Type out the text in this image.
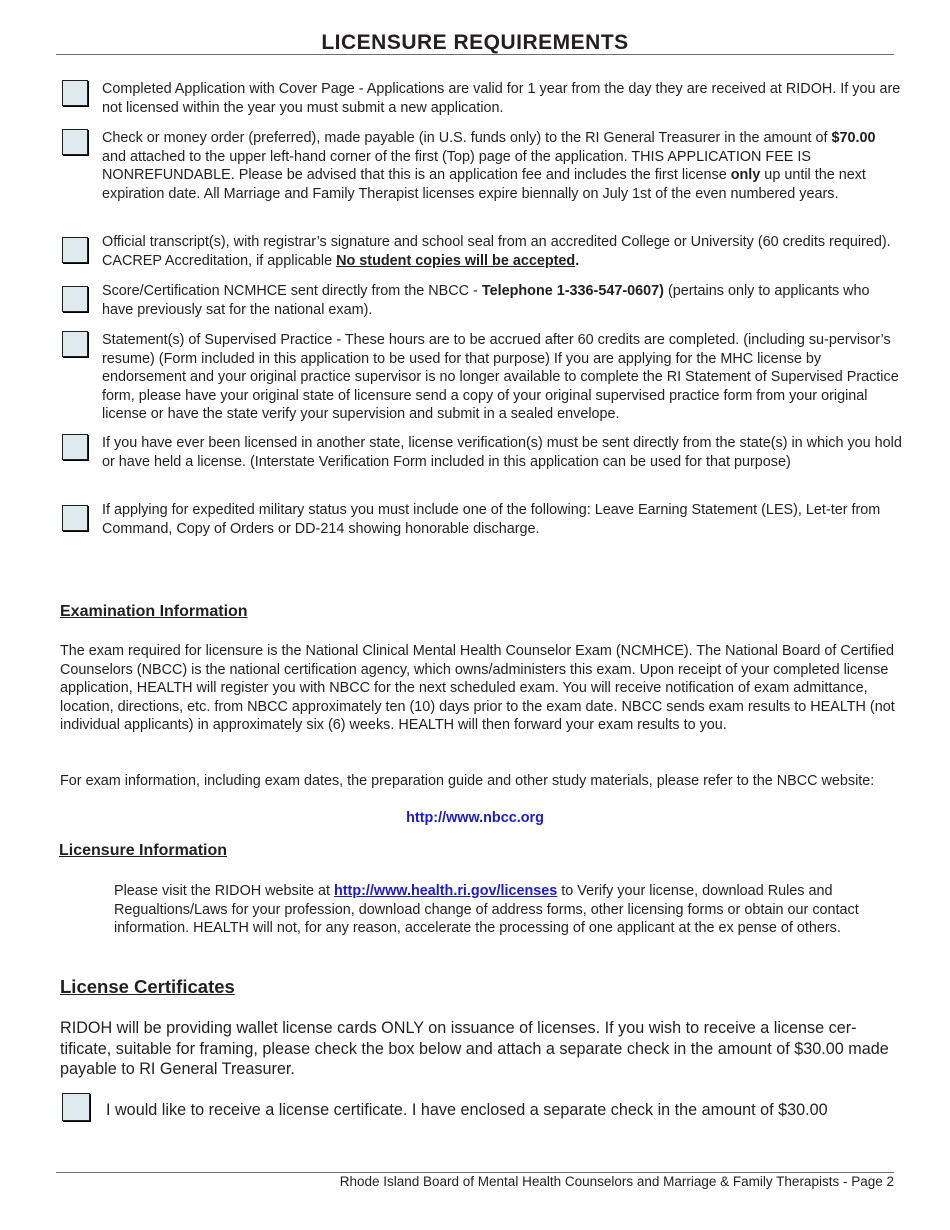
LICENSURE REQUIREMENTS
Completed Application with Cover Page - Applications are valid for 1 year from the day they are received at RIDOH. If you are not licensed within the year you must submit a new application.
Check or money order (preferred), made payable (in U.S. funds only) to the RI General Treasurer in the amount of $70.00 and attached to the upper left-hand corner of the first (Top) page of the application. THIS APPLICATION FEE IS NONREFUNDABLE. Please be advised that this is an application fee and includes the first license only up until the next expiration date. All Marriage and Family Therapist licenses expire biennally on July 1st of the even numbered years.
Official transcript(s), with registrar’s signature and school seal from an accredited College or University (60 credits required). CACREP Accreditation, if applicable No student copies will be accepted.
Score/Certification NCMHCE sent directly from the NBCC - Telephone 1-336-547-0607) (pertains only to applicants who have previously sat for the national exam).
Statement(s) of Supervised Practice - These hours are to be accrued after 60 credits are completed. (including su-pervisor’s resume) (Form included in this application to be used for that purpose) If you are applying for the MHC license by endorsement and your original practice supervisor is no longer available to complete the RI Statement of Supervised Practice form, please have your original state of licensure send a copy of your original supervised practice form from your original license or have the state verify your supervision and submit in a sealed envelope.
If you have ever been licensed in another state, license verification(s) must be sent directly from the state(s) in which you hold or have held a license. (Interstate Verification Form included in this application can be used for that purpose)
If applying for expedited military status you must include one of the following: Leave Earning Statement (LES), Let-ter from Command, Copy of Orders or DD-214 showing honorable discharge.
Examination Information
The exam required for licensure is the National Clinical Mental Health Counselor Exam (NCMHCE). The National Board of Certified Counselors (NBCC) is the national certification agency, which owns/administers this exam. Upon receipt of your completed license application, HEALTH will register you with NBCC for the next scheduled exam. You will receive notification of exam admittance, location, directions, etc. from NBCC approximately ten (10) days prior to the exam date. NBCC sends exam results to HEALTH (not individual applicants) in approximately six (6) weeks. HEALTH will then forward your exam results to you.
For exam information, including exam dates, the preparation guide and other study materials, please refer to the NBCC website:
http://www.nbcc.org
Licensure Information
Please visit the RIDOH website at http://www.health.ri.gov/licenses to Verify your license, download Rules and Regualtions/Laws for your profession, download change of address forms, other licensing forms or obtain our contact information. HEALTH will not, for any reason, accelerate the processing of one applicant at the ex pense of others.
License Certificates
RIDOH will be providing wallet license cards ONLY on issuance of licenses. If you wish to receive a license cer-tificate, suitable for framing, please check the box below and attach a separate check in the amount of $30.00 made payable to RI General Treasurer.
I would like to receive a license certificate. I have enclosed a separate check in the amount of $30.00
Rhode Island Board of Mental Health Counselors and Marriage & Family Therapists - Page 2
